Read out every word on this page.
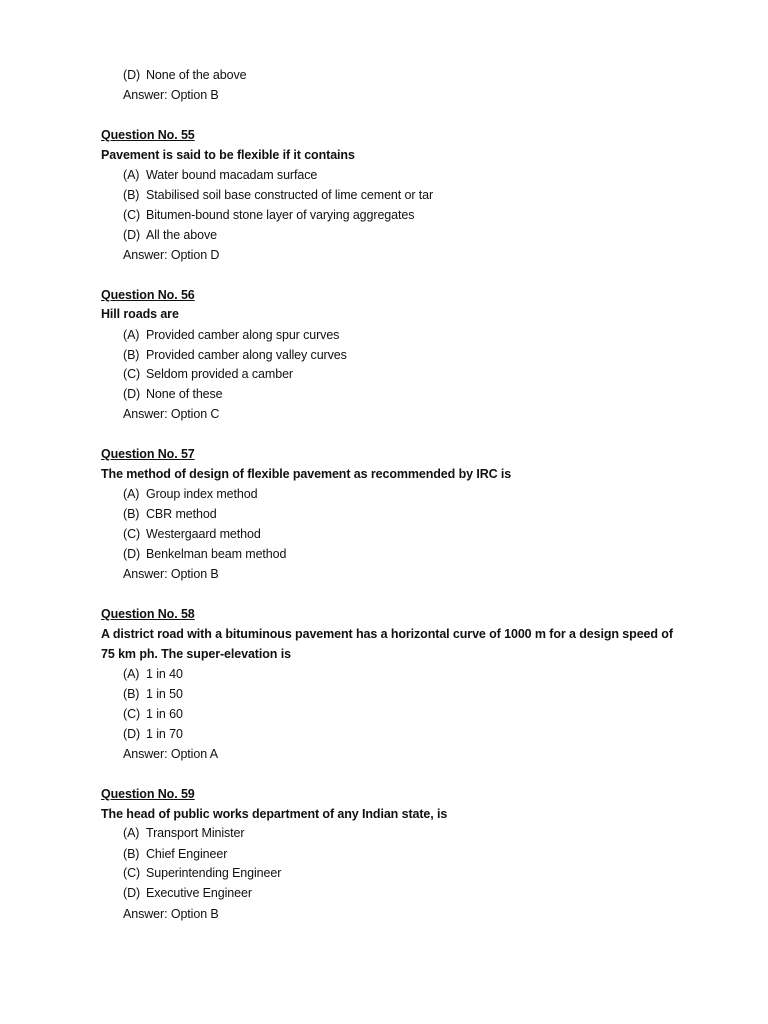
(D) None of the above
Answer: Option B
Question No. 55
Pavement is said to be flexible if it contains
(A) Water bound macadam surface
(B) Stabilised soil base constructed of lime cement or tar
(C) Bitumen-bound stone layer of varying aggregates
(D) All the above
Answer: Option D
Question No. 56
Hill roads are
(A) Provided camber along spur curves
(B) Provided camber along valley curves
(C) Seldom provided a camber
(D) None of these
Answer: Option C
Question No. 57
The method of design of flexible pavement as recommended by IRC is
(A) Group index method
(B) CBR method
(C) Westergaard method
(D) Benkelman beam method
Answer: Option B
Question No. 58
A district road with a bituminous pavement has a horizontal curve of 1000 m for a design speed of
75 km ph. The super-elevation is
(A) 1 in 40
(B) 1 in 50
(C) 1 in 60
(D) 1 in 70
Answer: Option A
Question No. 59
The head of public works department of any Indian state, is
(A) Transport Minister
(B) Chief Engineer
(C) Superintending Engineer
(D) Executive Engineer
Answer: Option B
